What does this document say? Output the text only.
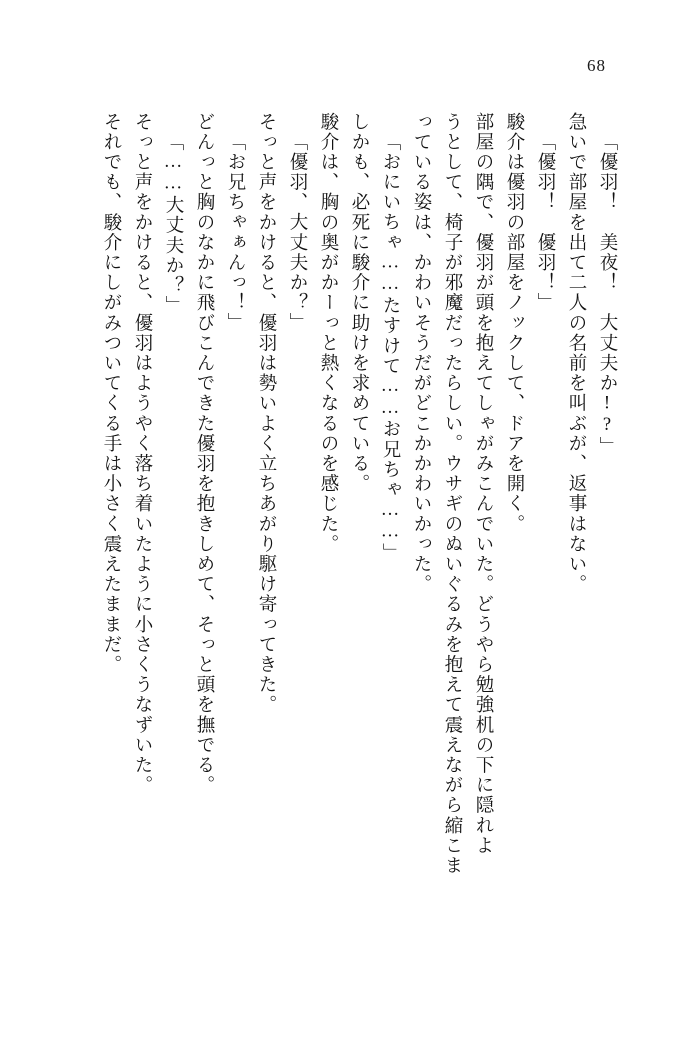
68
「優羽！　美夜！　大丈夫か!?」
急いで部屋を出て二人の名前を叫ぶが、返事はない。
「優羽！　優羽！」
駿介は優羽の部屋をノックして、ドアを開く。
部屋の隅で、優羽が頭を抱えてしゃがみこんでいた。どうやら勉強机の下に隠れよ
うとして、椅子が邪魔だったらしい。ウサギのぬいぐるみを抱えて震えながら縮こま
っている姿は、かわいそうだがどこかかわいかった。
「おにいちゃ……たすけて……お兄ちゃ……」
しかも、必死に駿介に助けを求めている。
駿介は、胸の奥がかーっと熱くなるのを感じた。
「優羽、大丈夫か？」
そっと声をかけると、優羽は勢いよく立ちあがり駆け寄ってきた。
「お兄ちゃぁんっ！」
どんっと胸のなかに飛びこんできた優羽を抱きしめて、そっと頭を撫でる。
「……大丈夫か？」
そっと声をかけると、優羽はようやく落ち着いたように小さくうなずいた。
それでも、駿介にしがみついてくる手は小さく震えたままだ。
